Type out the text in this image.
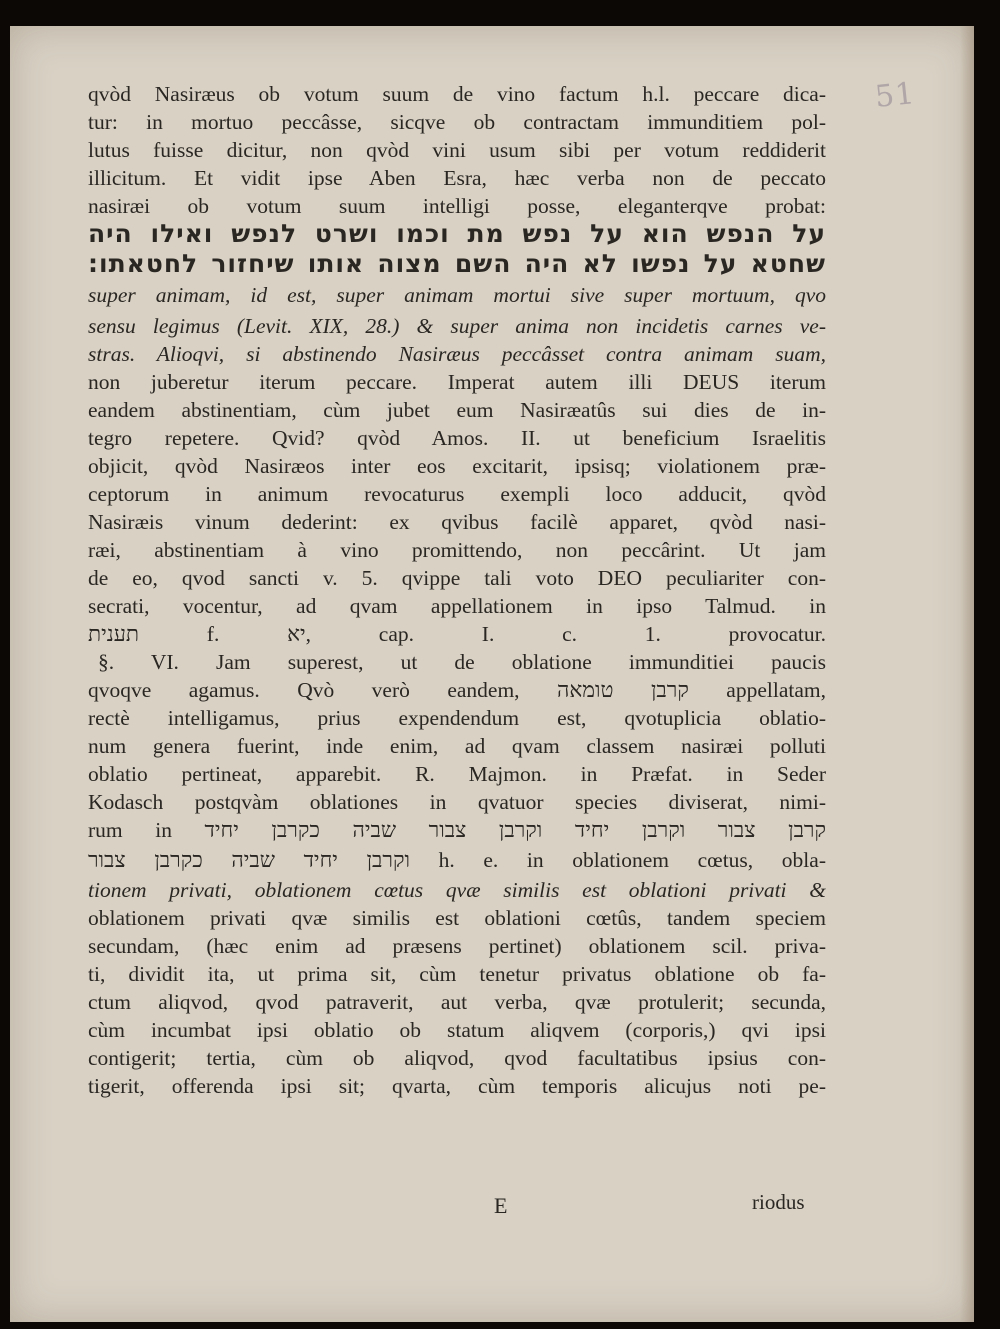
51
qvòd Nasiræus ob votum suum de vino factum h.l. peccare dica-
tur: in mortuo peccâsse, sicqve ob contractam immunditiem pol-
lutus fuisse dicitur, non qvòd vini usum sibi per votum reddiderit
illicitum. Et vidit ipse Aben Esra, hæc verba non de peccato
nasiræi ob votum suum intelligi posse, eleganterqve probat:
על הנפש הוא על נפש מת וכמו ושרט לנפש ואילו היה
שחטא על נפשו לא היה השם מצוה אותו שיחזור לחטאתו:
super animam, id est, super animam mortui sive super mortuum, qvo
sensu legimus (Levit. XIX, 28.) & super anima non incidetis carnes ve-
stras. Alioqvi, si abstinendo Nasiræus peccâsset contra animam suam,
non juberetur iterum peccare. Imperat autem illi DEUS iterum
eandem abstinentiam, cùm jubet eum Nasiræatûs sui dies de in-
tegro repetere. Qvid? qvòd Amos. II. ut beneficium Israelitis
objicit, qvòd Nasiræos inter eos excitarit, ipsisq; violationem præ-
ceptorum in animum revocaturus exempli loco adducit, qvòd
Nasiræis vinum dederint: ex qvibus facilè apparet, qvòd nasi-
ræi, abstinentiam à vino promittendo, non peccârint. Ut jam
de eo, qvod sancti v. 5. qvippe tali voto DEO peculiariter con-
secrati, vocentur, ad qvam appellationem in ipso Talmud. in
תענית f. יא, cap. I. c. 1. provocatur.
§. VI. Jam superest, ut de oblatione immunditiei paucis
qvoqve agamus. Qvò verò eandem, קרבן טומאה appellatam,
rectè intelligamus, prius expendendum est, qvotuplicia oblatio-
num genera fuerint, inde enim, ad qvam classem nasiræi polluti
oblatio pertineat, apparebit. R. Majmon. in Præfat. in Seder
Kodasch postqvàm oblationes in qvatuor species diviserat, nimi-
rum in קרבן צבור וקרבן יחיד וקרבן צבור שביה כקרבן יחיד
וקרבן יחיד שביה כקרבן צבור h. e. in oblationem cœtus, obla-
tionem privati, oblationem cœtus qvæ similis est oblationi privati &
oblationem privati qvæ similis est oblationi cœtûs, tandem speciem
secundam, (hæc enim ad præsens pertinet) oblationem scil. priva-
ti, dividit ita, ut prima sit, cùm tenetur privatus oblatione ob fa-
ctum aliqvod, qvod patraverit, aut verba, qvæ protulerit; secunda,
cùm incumbat ipsi oblatio ob statum aliqvem (corporis,) qvi ipsi
contigerit; tertia, cùm ob aliqvod, qvod facultatibus ipsius con-
tigerit, offerenda ipsi sit; qvarta, cùm temporis alicujus noti pe-
E	riodus
